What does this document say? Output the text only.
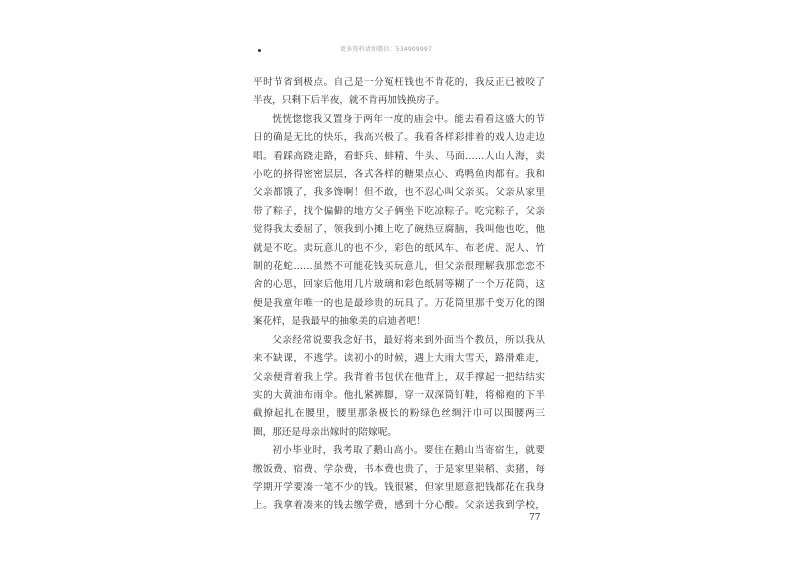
更多资料请加微信：534909997
平时节省到极点。自己是一分冤枉钱也不肯花的，我反正已被咬了
半夜，只剩下后半夜，就不肯再加钱换房子。
恍恍惚惚我又置身于两年一度的庙会中。能去看看这盛大的节
日的确是无比的快乐，我高兴极了。我看各样彩排着的戏人边走边
唱。看踩高跷走路，看虾兵、蚌精、牛头、马面……人山人海，卖
小吃的挤得密密层层，各式各样的糖果点心、鸡鸭鱼肉都有。我和
父亲都饿了，我多馋啊！但不敢，也不忍心叫父亲买。父亲从家里
带了粽子，找个偏僻的地方父子俩坐下吃凉粽子。吃完粽子，父亲
觉得我太委屈了，领我到小摊上吃了碗热豆腐脑，我叫他也吃，他
就是不吃。卖玩意儿的也不少，彩色的纸风车、布老虎、泥人、竹
制的花蛇……虽然不可能花钱买玩意儿，但父亲很理解我那恋恋不
舍的心思，回家后他用几片玻璃和彩色纸屑等糊了一个万花筒，这
便是我童年唯一的也是最珍贵的玩具了。万花筒里那千变万化的图
案花样，是我最早的抽象美的启迪者吧！
父亲经常说要我念好书，最好将来到外面当个教员，所以我从
来不缺课，不逃学。读初小的时候，遇上大雨大雪天，路滑难走，
父亲便背着我上学。我背着书包伏在他背上，双手撑起一把结结实
实的大黄油布雨伞。他扎紧裤脚，穿一双深筒钉鞋，将棉袍的下半
截撩起扎在腰里，腰里那条极长的粉绿色丝绸汗巾可以围腰两三
圈，那还是母亲出嫁时的陪嫁呢。
初小毕业时，我考取了鹅山高小。要住在鹅山当寄宿生，就要
缴饭费、宿费、学杂费，书本费也贵了，于是家里粜稻、卖猪，每
学期开学要凑一笔不少的钱。钱很紧，但家里愿意把钱都花在我身
上。我拿着凑来的钱去缴学费，感到十分心酸。父亲送我到学校，
77
